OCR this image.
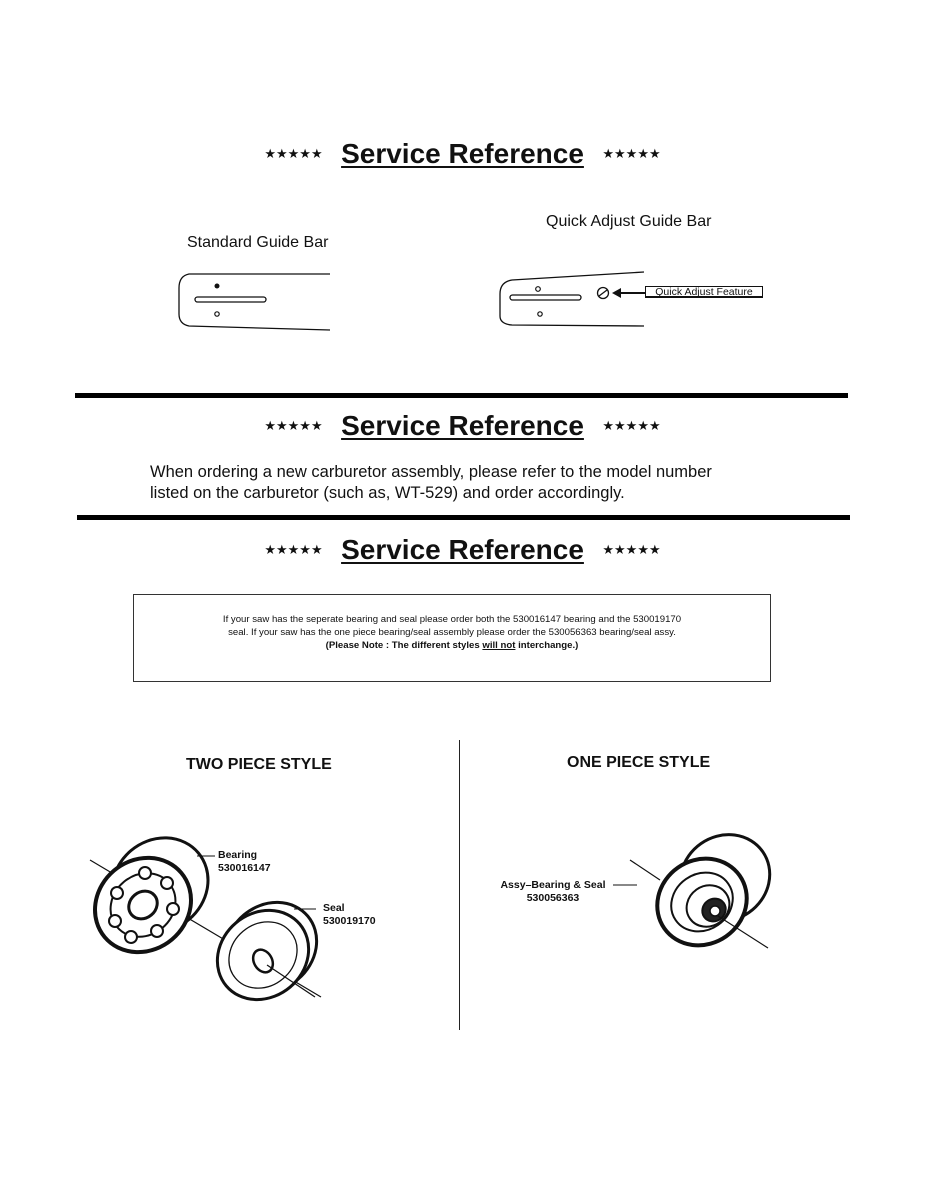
★★★★★ Service Reference ★★★★★
Standard Guide Bar
Quick Adjust Guide Bar
Quick Adjust Feature
★★★★★ Service Reference ★★★★★
When ordering a new carburetor assembly, please refer to the model number
listed on the carburetor (such as, WT-529) and order accordingly.
★★★★★ Service Reference ★★★★★
If your saw has the seperate bearing and seal please order both the 530016147 bearing and the 530019170
seal. If your saw has the one piece bearing/seal assembly please order the 530056363 bearing/seal assy.
(Please Note : The different styles will not interchange.)
TWO PIECE STYLE	ONE PIECE STYLE
Bearing
530016147
Seal
530019170
Assy–Bearing & Seal
530056363
